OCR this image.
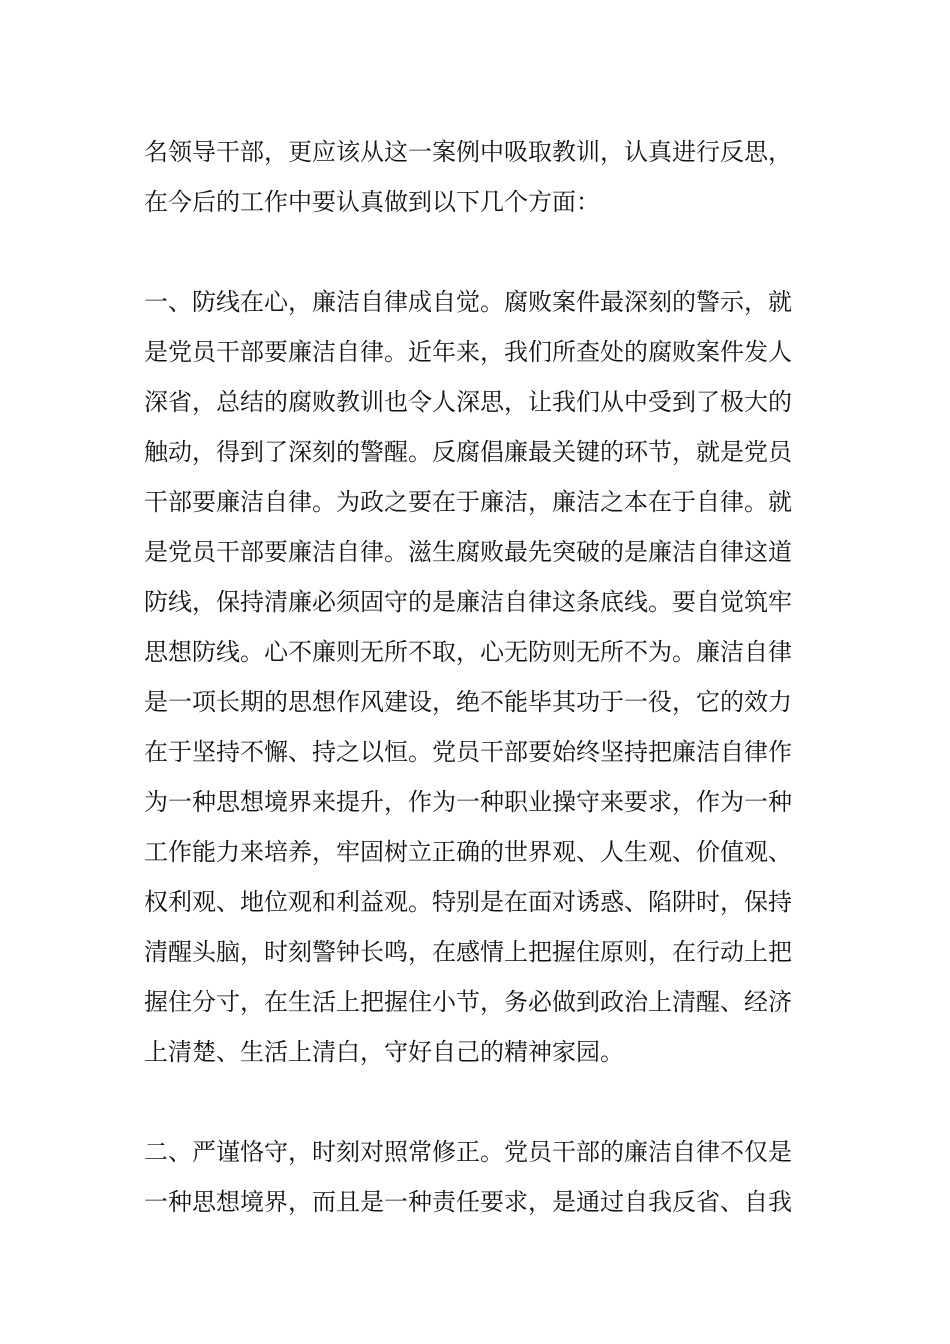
名领导干部，更应该从这一案例中吸取教训，认真进行反思，
在今后的工作中要认真做到以下几个方面：
一、防线在心，廉洁自律成自觉。腐败案件最深刻的警示，就
是党员干部要廉洁自律。近年来，我们所查处的腐败案件发人
深省，总结的腐败教训也令人深思，让我们从中受到了极大的
触动，得到了深刻的警醒。反腐倡廉最关键的环节，就是党员
干部要廉洁自律。为政之要在于廉洁，廉洁之本在于自律。就
是党员干部要廉洁自律。滋生腐败最先突破的是廉洁自律这道
防线，保持清廉必须固守的是廉洁自律这条底线。要自觉筑牢
思想防线。心不廉则无所不取，心无防则无所不为。廉洁自律
是一项长期的思想作风建设，绝不能毕其功于一役，它的效力
在于坚持不懈、持之以恒。党员干部要始终坚持把廉洁自律作
为一种思想境界来提升，作为一种职业操守来要求，作为一种
工作能力来培养，牢固树立正确的世界观、人生观、价值观、
权利观、地位观和利益观。特别是在面对诱惑、陷阱时，保持
清醒头脑，时刻警钟长鸣，在感情上把握住原则，在行动上把
握住分寸，在生活上把握住小节，务必做到政治上清醒、经济
上清楚、生活上清白，守好自己的精神家园。
二、严谨恪守，时刻对照常修正。党员干部的廉洁自律不仅是
一种思想境界，而且是一种责任要求，是通过自我反省、自我
